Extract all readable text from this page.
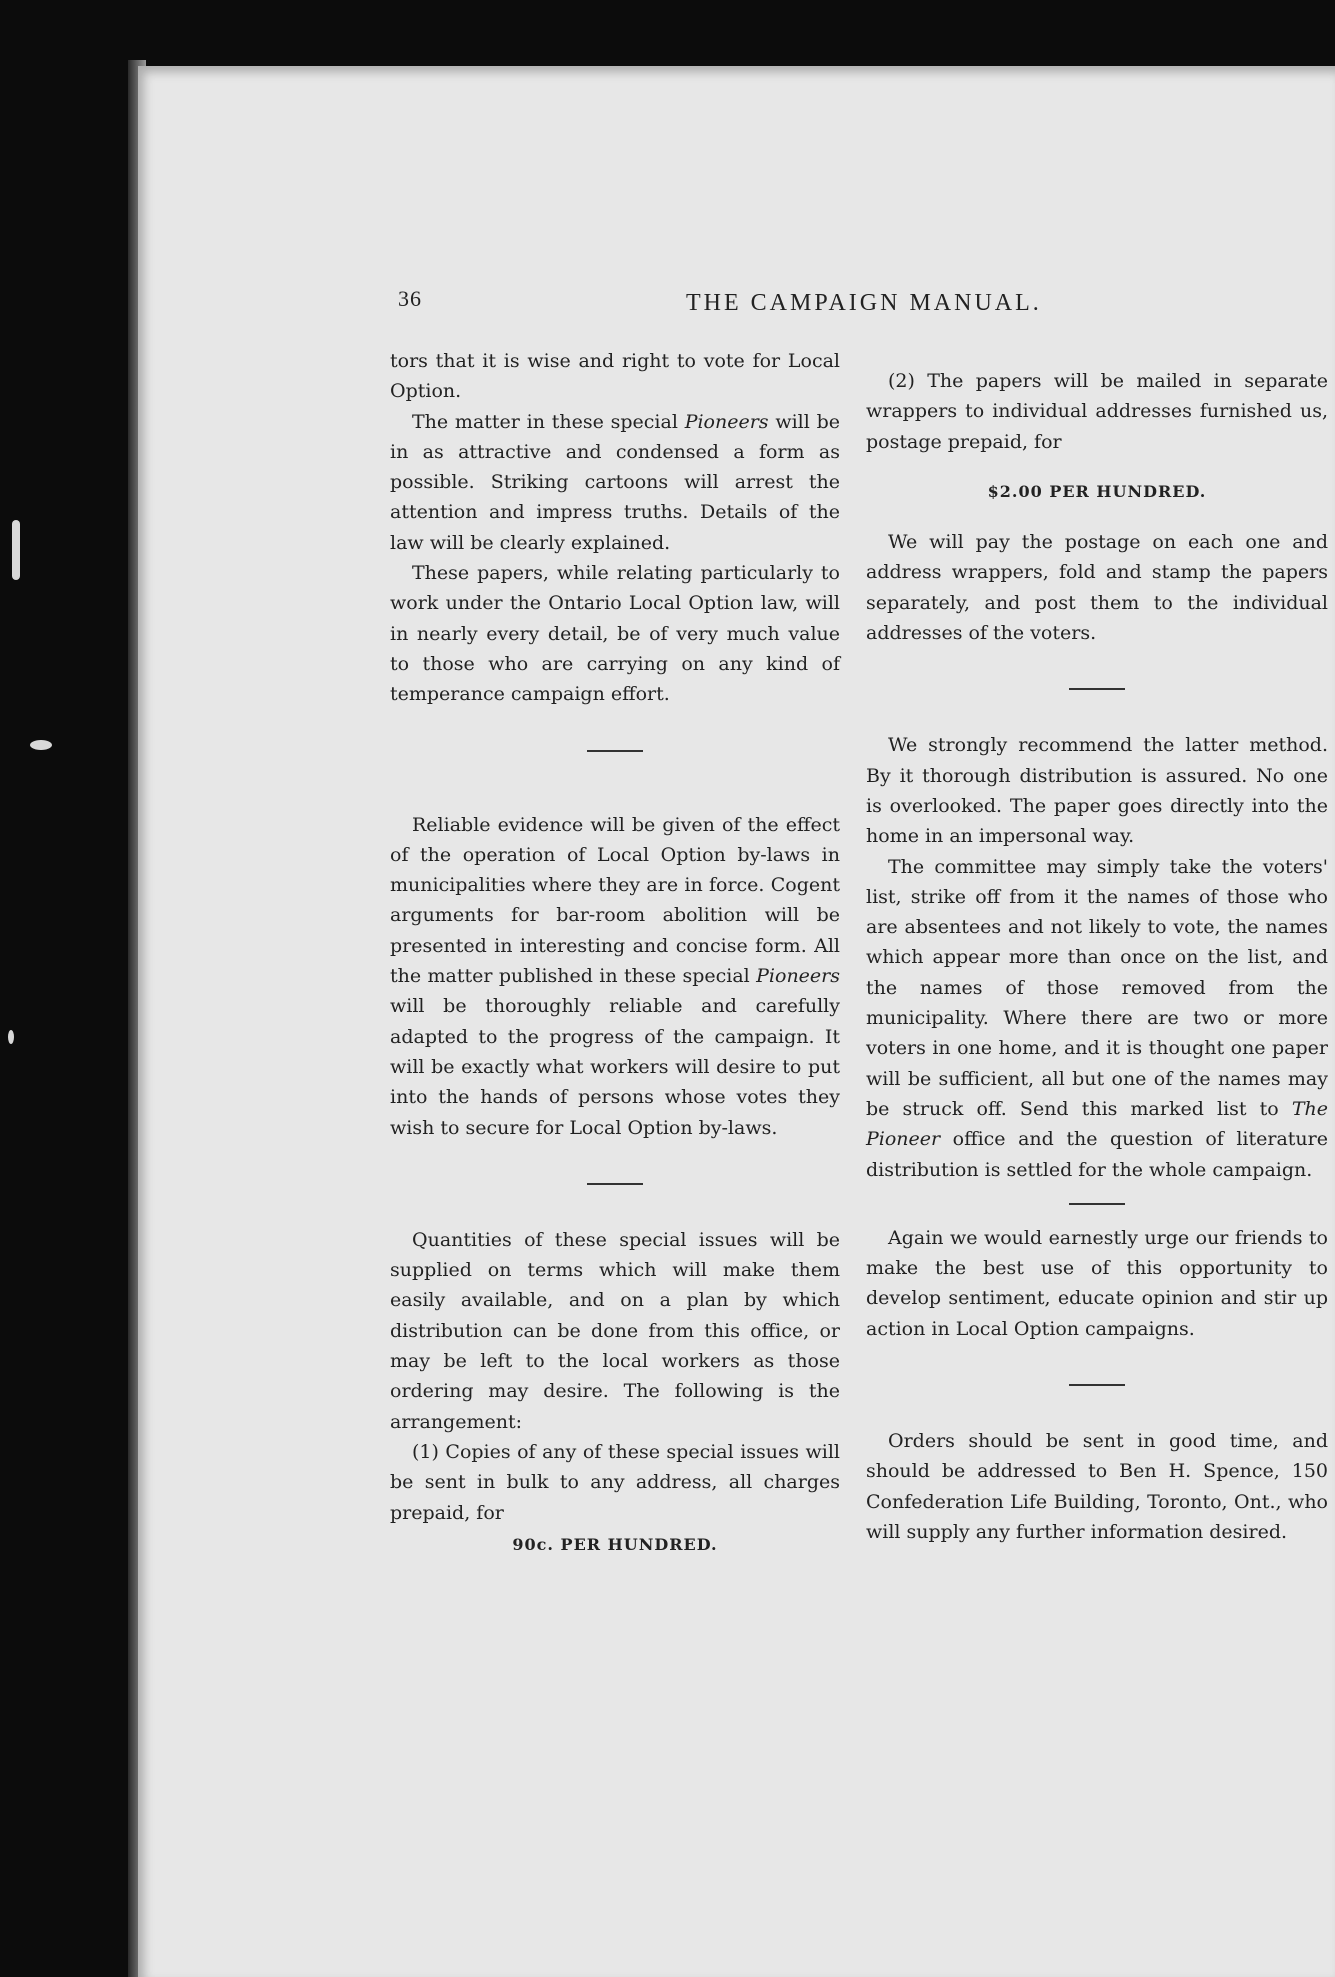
36	THE CAMPAIGN MANUAL.

tors that it is wise and right to vote for Local Option.

The matter in these special Pioneers will be in as attractive and condensed a form as possible. Striking cartoons will arrest the attention and impress truths. Details of the law will be clearly explained.

These papers, while relating particularly to work under the Ontario Local Option law, will in nearly every detail, be of very much value to those who are carrying on any kind of temperance campaign effort.

Reliable evidence will be given of the effect of the operation of Local Option by-laws in municipalities where they are in force. Cogent arguments for bar-room abolition will be presented in interesting and concise form. All the matter published in these special Pioneers will be thoroughly reliable and carefully adapted to the progress of the campaign. It will be exactly what workers will desire to put into the hands of persons whose votes they wish to secure for Local Option by-laws.

Quantities of these special issues will be supplied on terms which will make them easily available, and on a plan by which distribution can be done from this office, or may be left to the local workers as those ordering may desire. The following is the arrangement:

(1) Copies of any of these special issues will be sent in bulk to any address, all charges prepaid, for

90c. PER HUNDRED.

(2) The papers will be mailed in separate wrappers to individual addresses furnished us, postage prepaid, for

$2.00 PER HUNDRED.

We will pay the postage on each one and address wrappers, fold and stamp the papers separately, and post them to the individual addresses of the voters.

We strongly recommend the latter method. By it thorough distribution is assured. No one is overlooked. The paper goes directly into the home in an impersonal way.

The committee may simply take the voters' list, strike off from it the names of those who are absentees and not likely to vote, the names which appear more than once on the list, and the names of those removed from the municipality. Where there are two or more voters in one home, and it is thought one paper will be sufficient, all but one of the names may be struck off. Send this marked list to The Pioneer office and the question of literature distribution is settled for the whole campaign.

Again we would earnestly urge our friends to make the best use of this opportunity to develop sentiment, educate opinion and stir up action in Local Option campaigns.

Orders should be sent in good time, and should be addressed to Ben H. Spence, 150 Confederation Life Building, Toronto, Ont., who will supply any further information desired.
